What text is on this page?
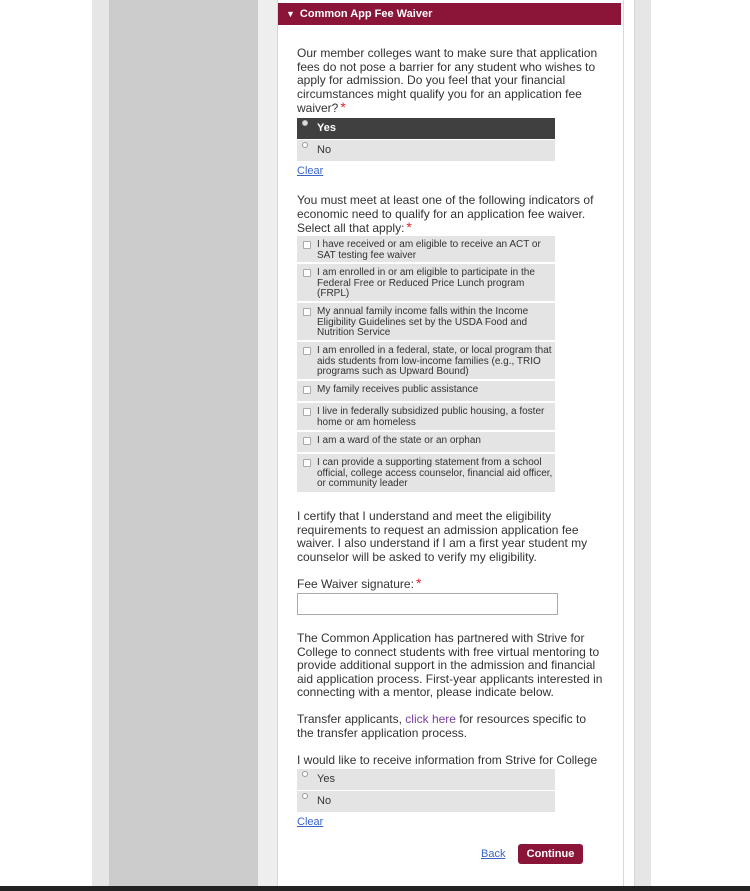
▼ Common App Fee Waiver
Our member colleges want to make sure that application fees do not pose a barrier for any student who wishes to apply for admission. Do you feel that your financial circumstances might qualify you for an application fee waiver? *
Yes
No
Clear
You must meet at least one of the following indicators of economic need to qualify for an application fee waiver. Select all that apply: *
I have received or am eligible to receive an ACT or SAT testing fee waiver
I am enrolled in or am eligible to participate in the Federal Free or Reduced Price Lunch program (FRPL)
My annual family income falls within the Income Eligibility Guidelines set by the USDA Food and Nutrition Service
I am enrolled in a federal, state, or local program that aids students from low-income families (e.g., TRIO programs such as Upward Bound)
My family receives public assistance
I live in federally subsidized public housing, a foster home or am homeless
I am a ward of the state or an orphan
I can provide a supporting statement from a school official, college access counselor, financial aid officer, or community leader
I certify that I understand and meet the eligibility requirements to request an admission application fee waiver. I also understand if I am a first year student my counselor will be asked to verify my eligibility.
Fee Waiver signature: *
The Common Application has partnered with Strive for College to connect students with free virtual mentoring to provide additional support in the admission and financial aid application process. First-year applicants interested in connecting with a mentor, please indicate below.
Transfer applicants, click here for resources specific to the transfer application process.
I would like to receive information from Strive for College
Yes
No
Clear
Back	Continue
